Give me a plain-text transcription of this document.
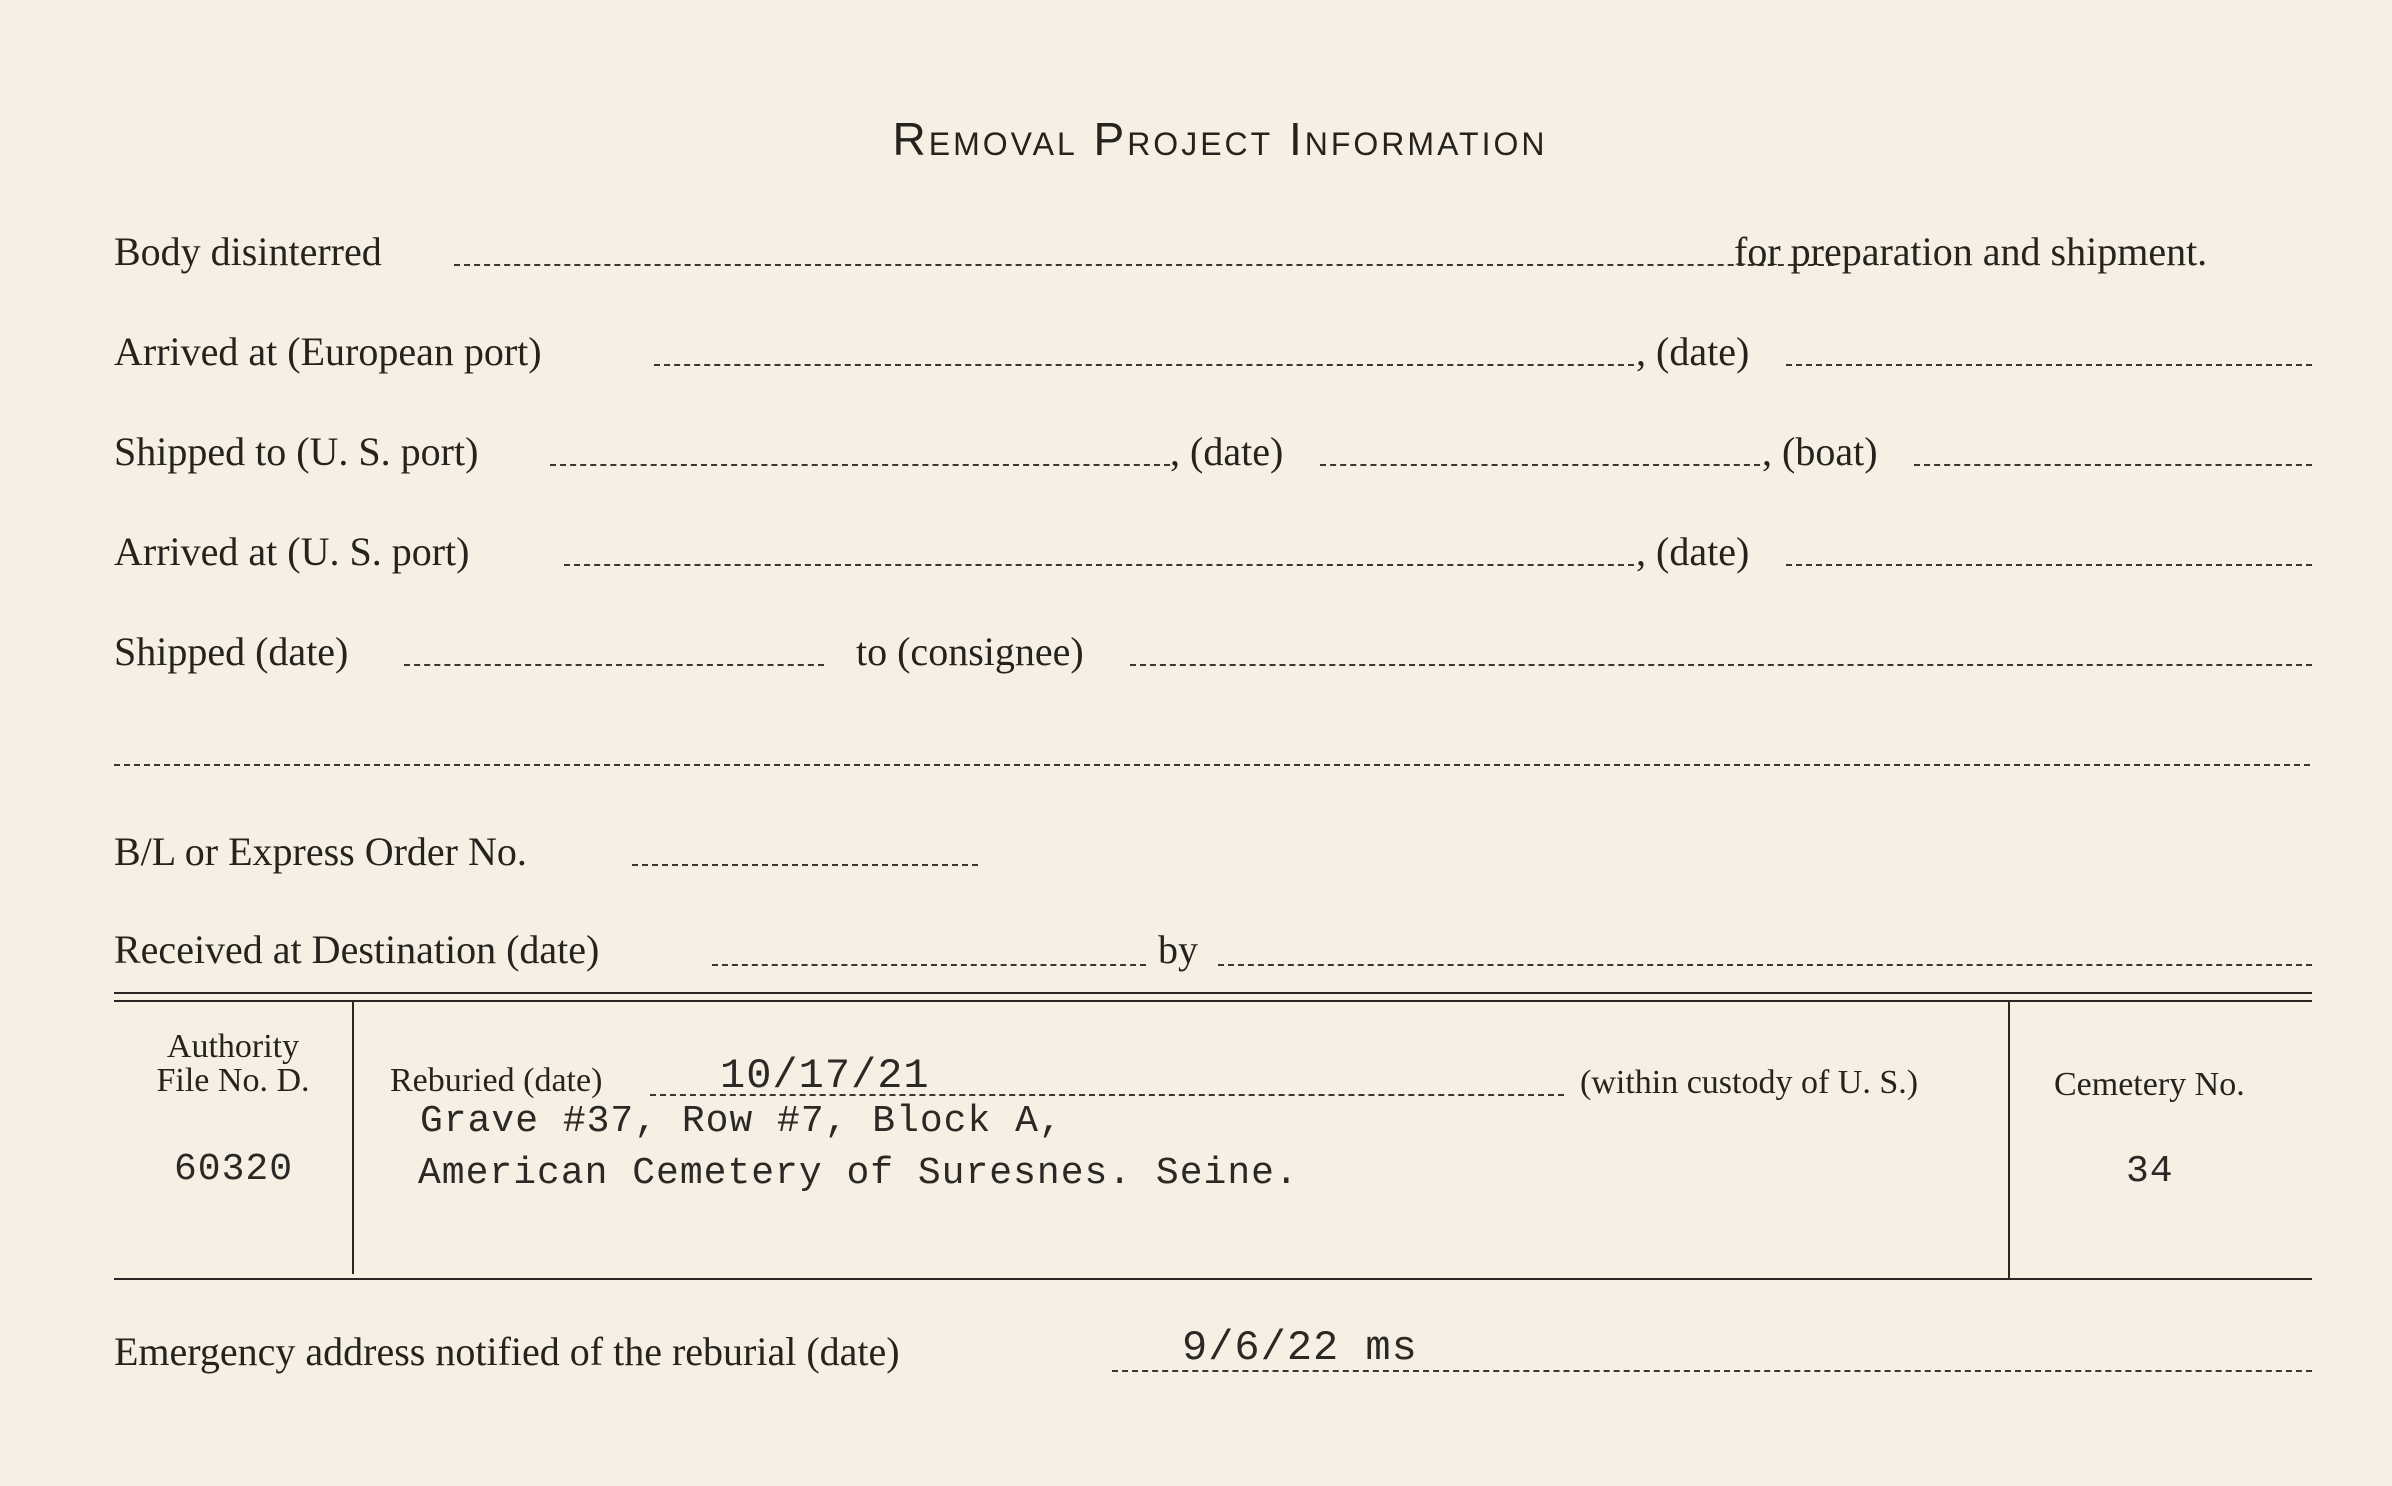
Removal Project Information
Body disinterred	for preparation and shipment.
Arrived at (European port)	, (date)
Shipped to (U. S. port)	, (date)	, (boat)
Arrived at (U. S. port)	, (date)
Shipped (date)	to (consignee)
B/L or Express Order No.
Received at Destination (date)	by
Authority
File No. D.
60320
Reburied (date)	10/17/21	(within custody of U. S.)
Grave #37, Row #7, Block A,
American Cemetery of Suresnes. Seine.
Cemetery No.
34
Emergency address notified of the reburial (date)	9/6/22 ms
